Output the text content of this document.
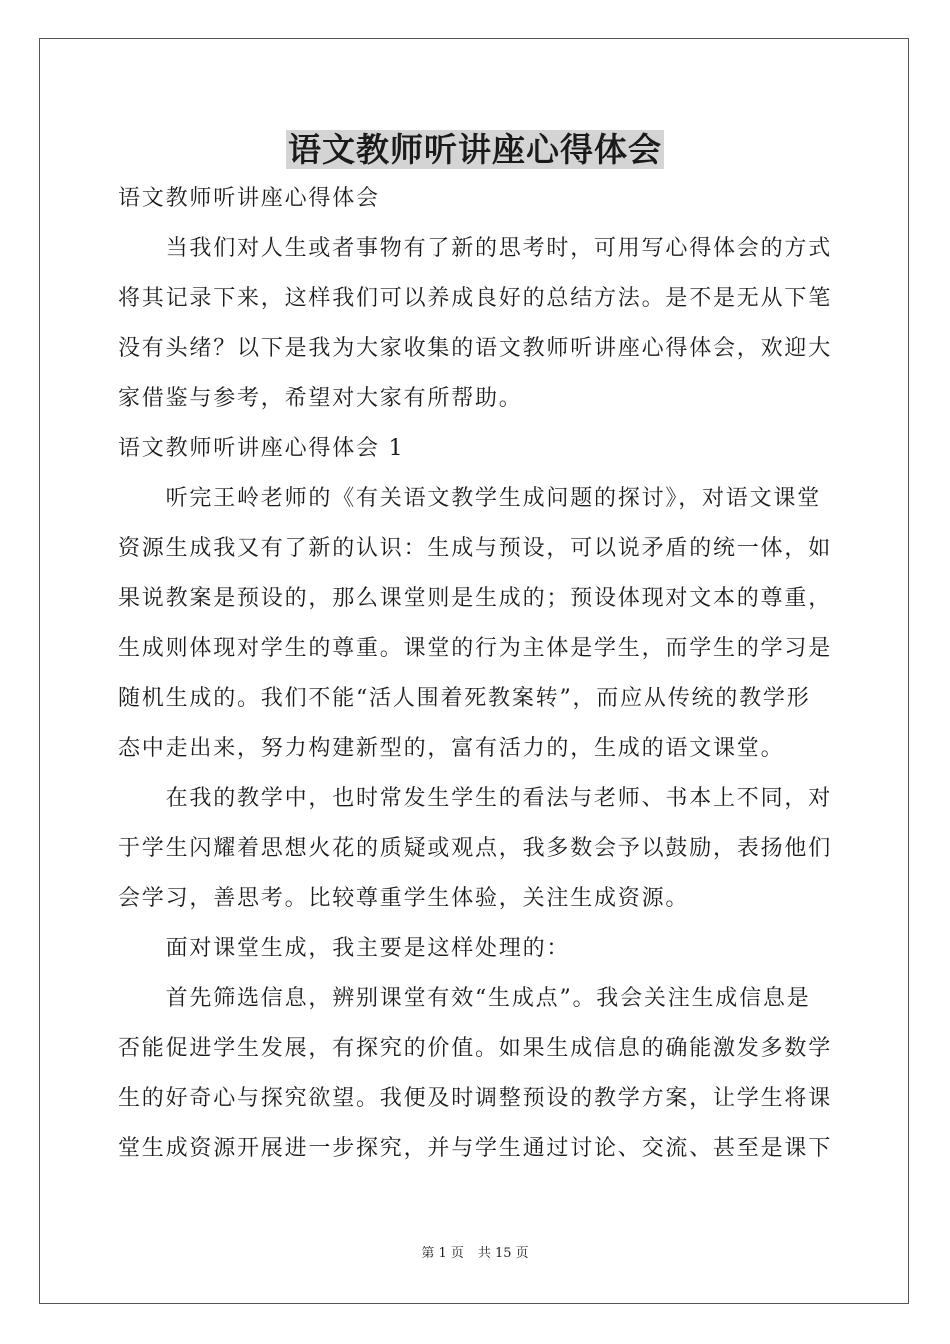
语文教师听讲座心得体会
语文教师听讲座心得体会
　　当我们对人生或者事物有了新的思考时，可用写心得体会的方式
将其记录下来，这样我们可以养成良好的总结方法。是不是无从下笔
没有头绪？以下是我为大家收集的语文教师听讲座心得体会，欢迎大
家借鉴与参考，希望对大家有所帮助。
语文教师听讲座心得体会 1
　　听完王岭老师的《有关语文教学生成问题的探讨》，对语文课堂
资源生成我又有了新的认识：生成与预设，可以说矛盾的统一体，如
果说教案是预设的，那么课堂则是生成的；预设体现对文本的尊重，
生成则体现对学生的尊重。课堂的行为主体是学生，而学生的学习是
随机生成的。我们不能“活人围着死教案转”，而应从传统的教学形
态中走出来，努力构建新型的，富有活力的，生成的语文课堂。
　　在我的教学中，也时常发生学生的看法与老师、书本上不同，对
于学生闪耀着思想火花的质疑或观点，我多数会予以鼓励，表扬他们
会学习，善思考。比较尊重学生体验，关注生成资源。
　　面对课堂生成，我主要是这样处理的：
　　首先筛选信息，辨别课堂有效“生成点”。我会关注生成信息是
否能促进学生发展，有探究的价值。如果生成信息的确能激发多数学
生的好奇心与探究欲望。我便及时调整预设的教学方案，让学生将课
堂生成资源开展进一步探究，并与学生通过讨论、交流、甚至是课下
第 1 页 共 15 页
